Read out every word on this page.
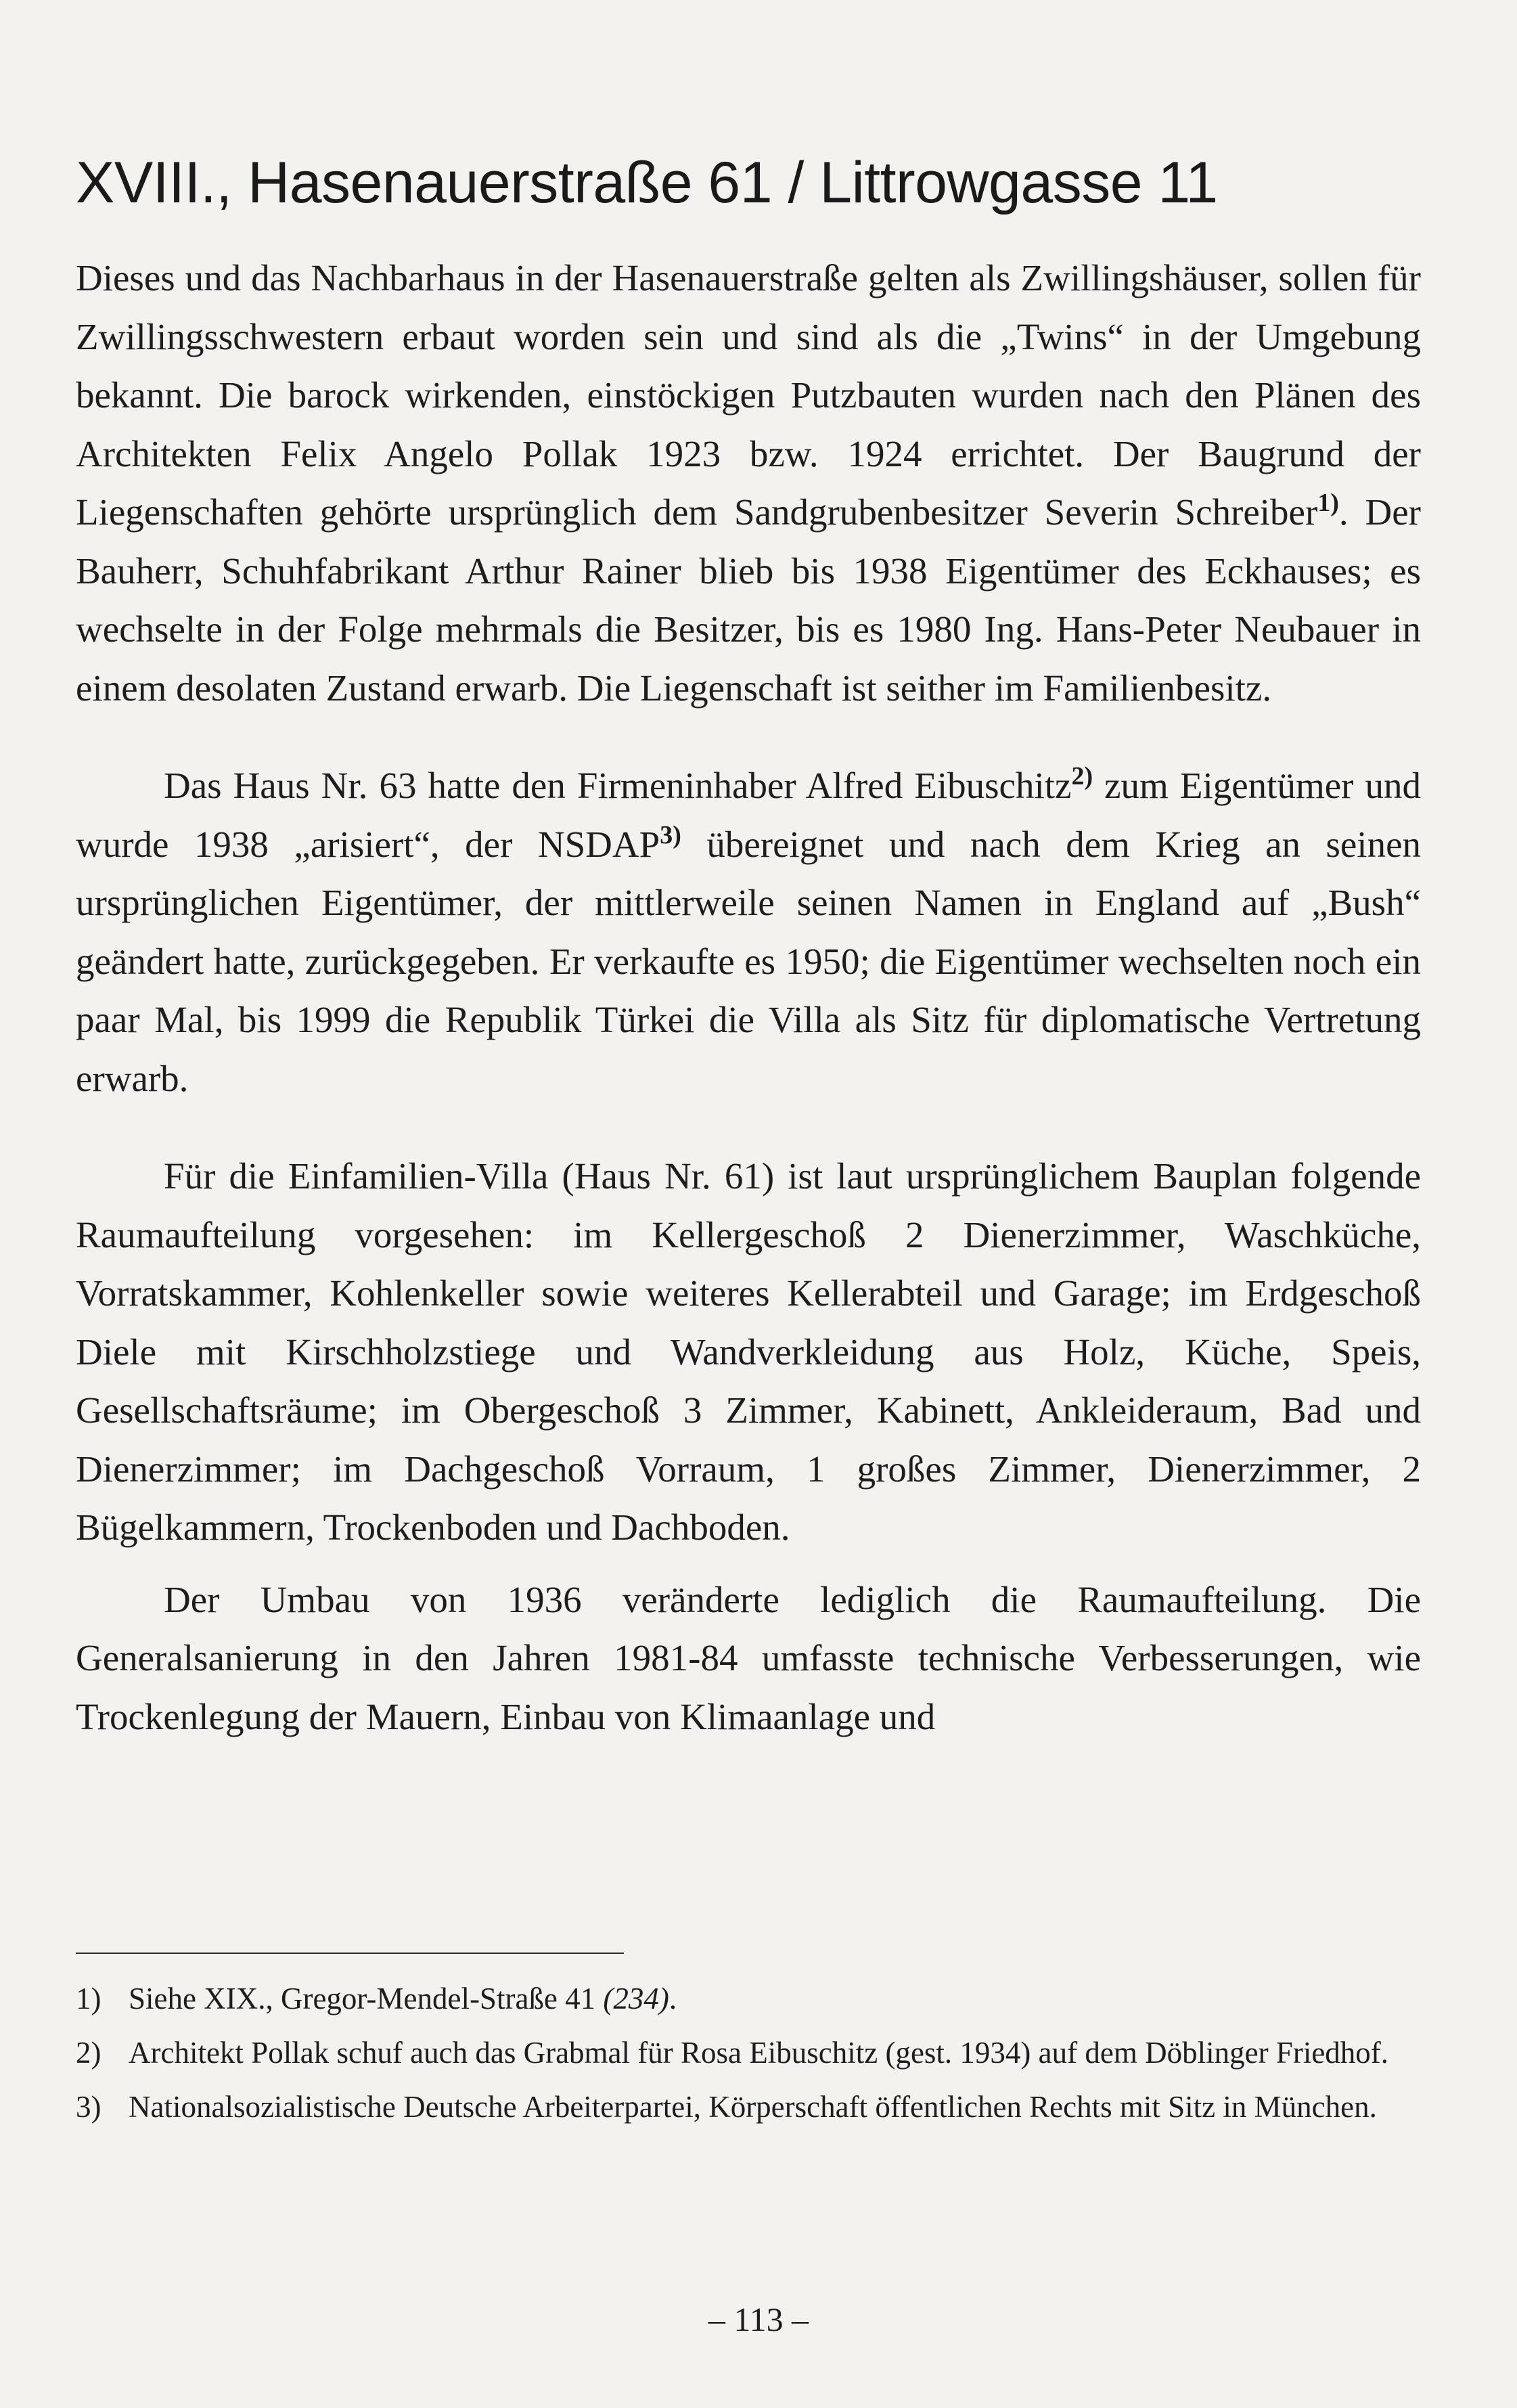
XVIII., Hasenauerstraße 61 / Littrowgasse 11

Dieses und das Nachbarhaus in der Hasenauerstraße gelten als Zwillingshäuser, sollen für Zwillingsschwestern erbaut worden sein und sind als die „Twins“ in der Umgebung bekannt. Die barock wirkenden, einstöckigen Putzbauten wurden nach den Plänen des Architekten Felix Angelo Pollak 1923 bzw. 1924 errichtet. Der Baugrund der Liegenschaften gehörte ursprünglich dem Sandgrubenbesitzer Severin Schreiber$^{1)}$. Der Bauherr, Schuhfabrikant Arthur Rainer blieb bis 1938 Eigentümer des Eckhauses; es wechselte in der Folge mehrmals die Besitzer, bis es 1980 Ing. Hans-Peter Neubauer in einem desolaten Zustand erwarb. Die Liegenschaft ist seither im Familienbesitz.

Das Haus Nr. 63 hatte den Firmeninhaber Alfred Eibuschitz$^{2)}$ zum Eigentümer und wurde 1938 „arisiert“, der NSDAP$^{3)}$ übereignet und nach dem Krieg an seinen ursprünglichen Eigentümer, der mittlerweile seinen Namen in England auf „Bush“ geändert hatte, zurückgegeben. Er verkaufte es 1950; die Eigentümer wechselten noch ein paar Mal, bis 1999 die Republik Türkei die Villa als Sitz für diplomatische Vertretung erwarb.

Für die Einfamilien-Villa (Haus Nr. 61) ist laut ursprünglichem Bauplan folgende Raumaufteilung vorgesehen: im Kellergeschoß 2 Dienerzimmer, Waschküche, Vorratskammer, Kohlenkeller sowie weiteres Kellerabteil und Garage; im Erdgeschoß Diele mit Kirschholzstiege und Wandverkleidung aus Holz, Küche, Speis, Gesellschaftsräume; im Obergeschoß 3 Zimmer, Kabinett, Ankleideraum, Bad und Dienerzimmer; im Dachgeschoß Vorraum, 1 großes Zimmer, Dienerzimmer, 2 Bügelkammern, Trockenboden und Dachboden.

Der Umbau von 1936 veränderte lediglich die Raumaufteilung. Die Generalsanierung in den Jahren 1981-84 umfasste technische Verbesserungen, wie Trockenlegung der Mauern, Einbau von Klimaanlage und

1) Siehe XIX., Gregor-Mendel-Straße 41 (234).
2) Architekt Pollak schuf auch das Grabmal für Rosa Eibuschitz (gest. 1934) auf dem Döblinger Friedhof.
3) Nationalsozialistische Deutsche Arbeiterpartei, Körperschaft öffentlichen Rechts mit Sitz in München.
– 113 –
